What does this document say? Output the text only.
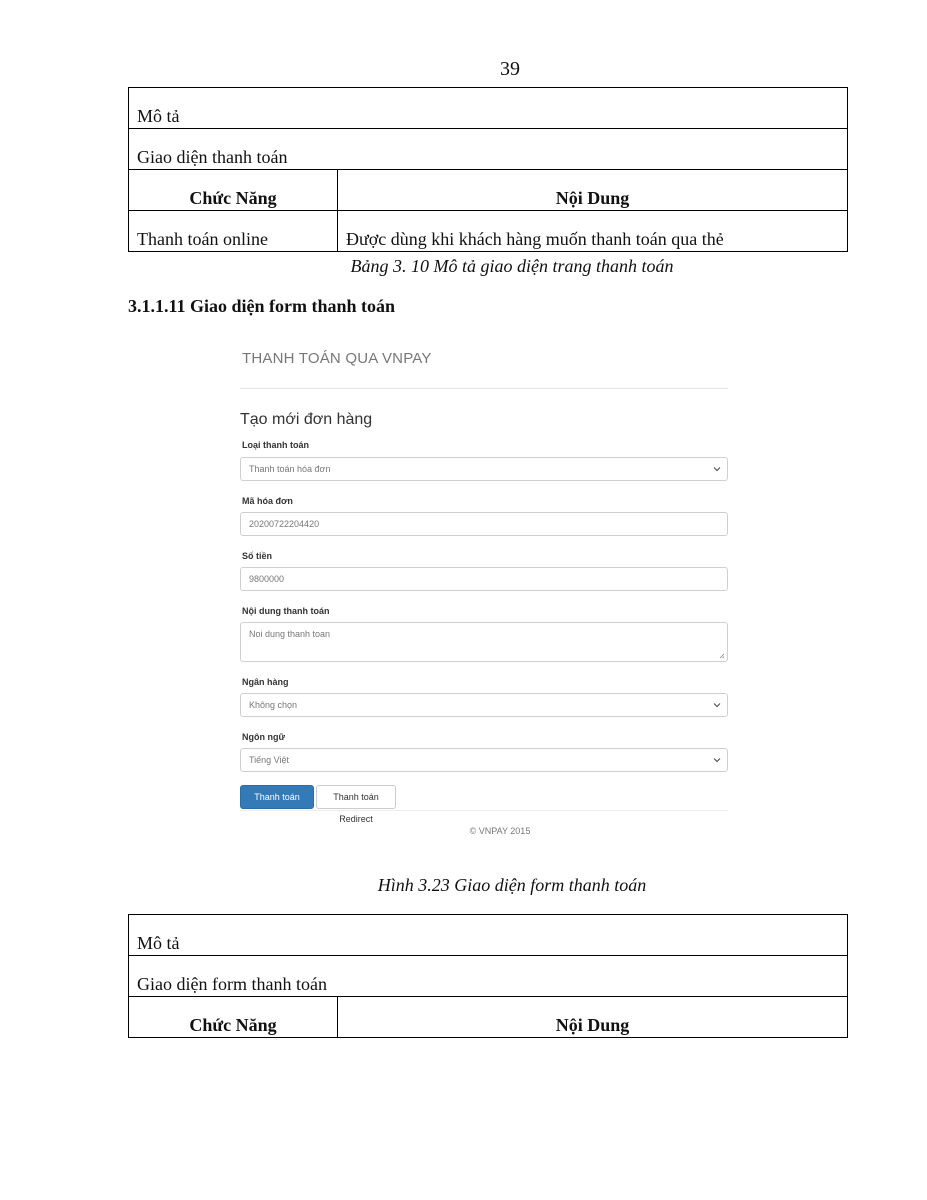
39
Mô tả	
Giao diện thanh toán	
Chức Năng	Nội Dung
Thanh toán online	Được dùng khi khách hàng muốn thanh toán qua thẻ
Bảng 3. 10 Mô tả giao diện trang thanh toán
3.1.1.11 Giao diện form thanh toán
THANH TOÁN QUA VNPAY
Tạo mới đơn hàng
Loại thanh toán
Thanh toán hóa đơn
Mã hóa đơn
20200722204420
Số tiền
9800000
Nội dung thanh toán
Noi dung thanh toan
Ngân hàng
Không chọn
Ngôn ngữ
Tiếng Việt
Thanh toán Popup
Thanh toán Redirect
© VNPAY 2015
Hình 3.23 Giao diện form thanh toán
Mô tả
Giao diện form thanh toán
Chức Năng	Nội Dung
